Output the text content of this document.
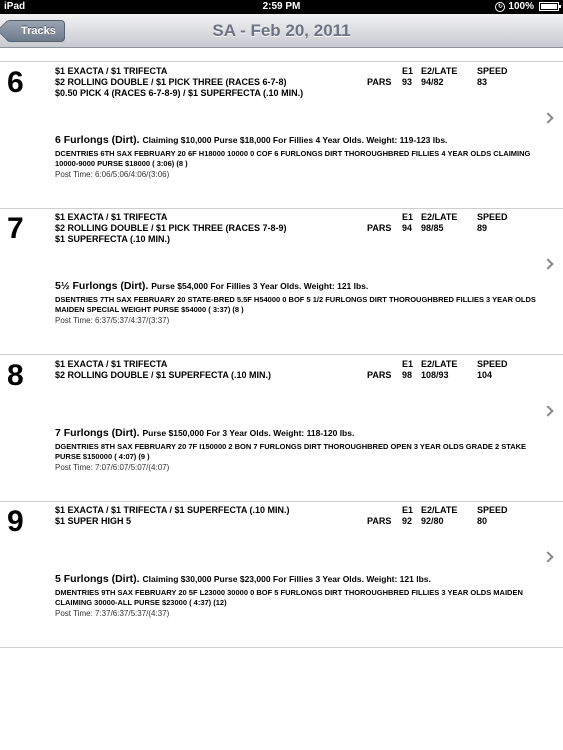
iPad	2:59 PM	↻ 100%
Tracks	SA - Feb 20, 2011
6	$1 EXACTA / $1 TRIFECTA
$2 ROLLING DOUBLE / $1 PICK THREE (RACES 6-7-8)
$0.50 PICK 4 (RACES 6-7-8-9) / $1 SUPERFECTA (.10 MIN.)
E1 E2/LATE SPEED
PARS 93 94/82	83
6 Furlongs (Dirt). Claiming $10,000 Purse $18,000 For Fillies 4 Year Olds. Weight: 119-123 lbs.
DCENTRIES 6TH SAX FEBRUARY 20 6F H18000 10000 0 COF 6 FURLONGS DIRT THOROUGHBRED FILLIES 4 YEAR OLDS CLAIMING 10000-9000 PURSE $18000 ( 3:06) (8 )
Post Time: 6:06/5:06/4:06/(3:06)
7	$1 EXACTA / $1 TRIFECTA
$2 ROLLING DOUBLE / $1 PICK THREE (RACES 7-8-9)
$1 SUPERFECTA (.10 MIN.)
E1 E2/LATE SPEED
PARS 94 98/85	89
5½ Furlongs (Dirt). Purse $54,000 For Fillies 3 Year Olds. Weight: 121 lbs.
DSENTRIES 7TH SAX FEBRUARY 20 STATE-BRED 5.5F H54000 0 BOF 5 1/2 FURLONGS DIRT THOROUGHBRED FILLIES 3 YEAR OLDS MAIDEN SPECIAL WEIGHT PURSE $54000 ( 3:37) (8 )
Post Time: 6:37/5:37/4:37/(3:37)
8	$1 EXACTA / $1 TRIFECTA
$2 ROLLING DOUBLE / $1 SUPERFECTA (.10 MIN.)
E1 E2/LATE SPEED
PARS 98 108/93	104
7 Furlongs (Dirt). Purse $150,000 For 3 Year Olds. Weight: 118-120 lbs.
DGENTRIES 8TH SAX FEBRUARY 20 7F I150000 2 BON 7 FURLONGS DIRT THOROUGHBRED OPEN 3 YEAR OLDS GRADE 2 STAKE PURSE $150000 ( 4:07) (9 )
Post Time: 7:07/6:07/5:07/(4:07)
9	$1 EXACTA / $1 TRIFECTA / $1 SUPERFECTA (.10 MIN.)
$1 SUPER HIGH 5
E1 E2/LATE SPEED
PARS 92 92/80	80
5 Furlongs (Dirt). Claiming $30,000 Purse $23,000 For Fillies 3 Year Olds. Weight: 121 lbs.
DMENTRIES 9TH SAX FEBRUARY 20 5F L23000 30000 0 BOF 5 FURLONGS DIRT THOROUGHBRED FILLIES 3 YEAR OLDS MAIDEN CLAIMING 30000-ALL PURSE $23000 ( 4:37) (12)
Post Time: 7:37/6:37/5:37/(4:37)
